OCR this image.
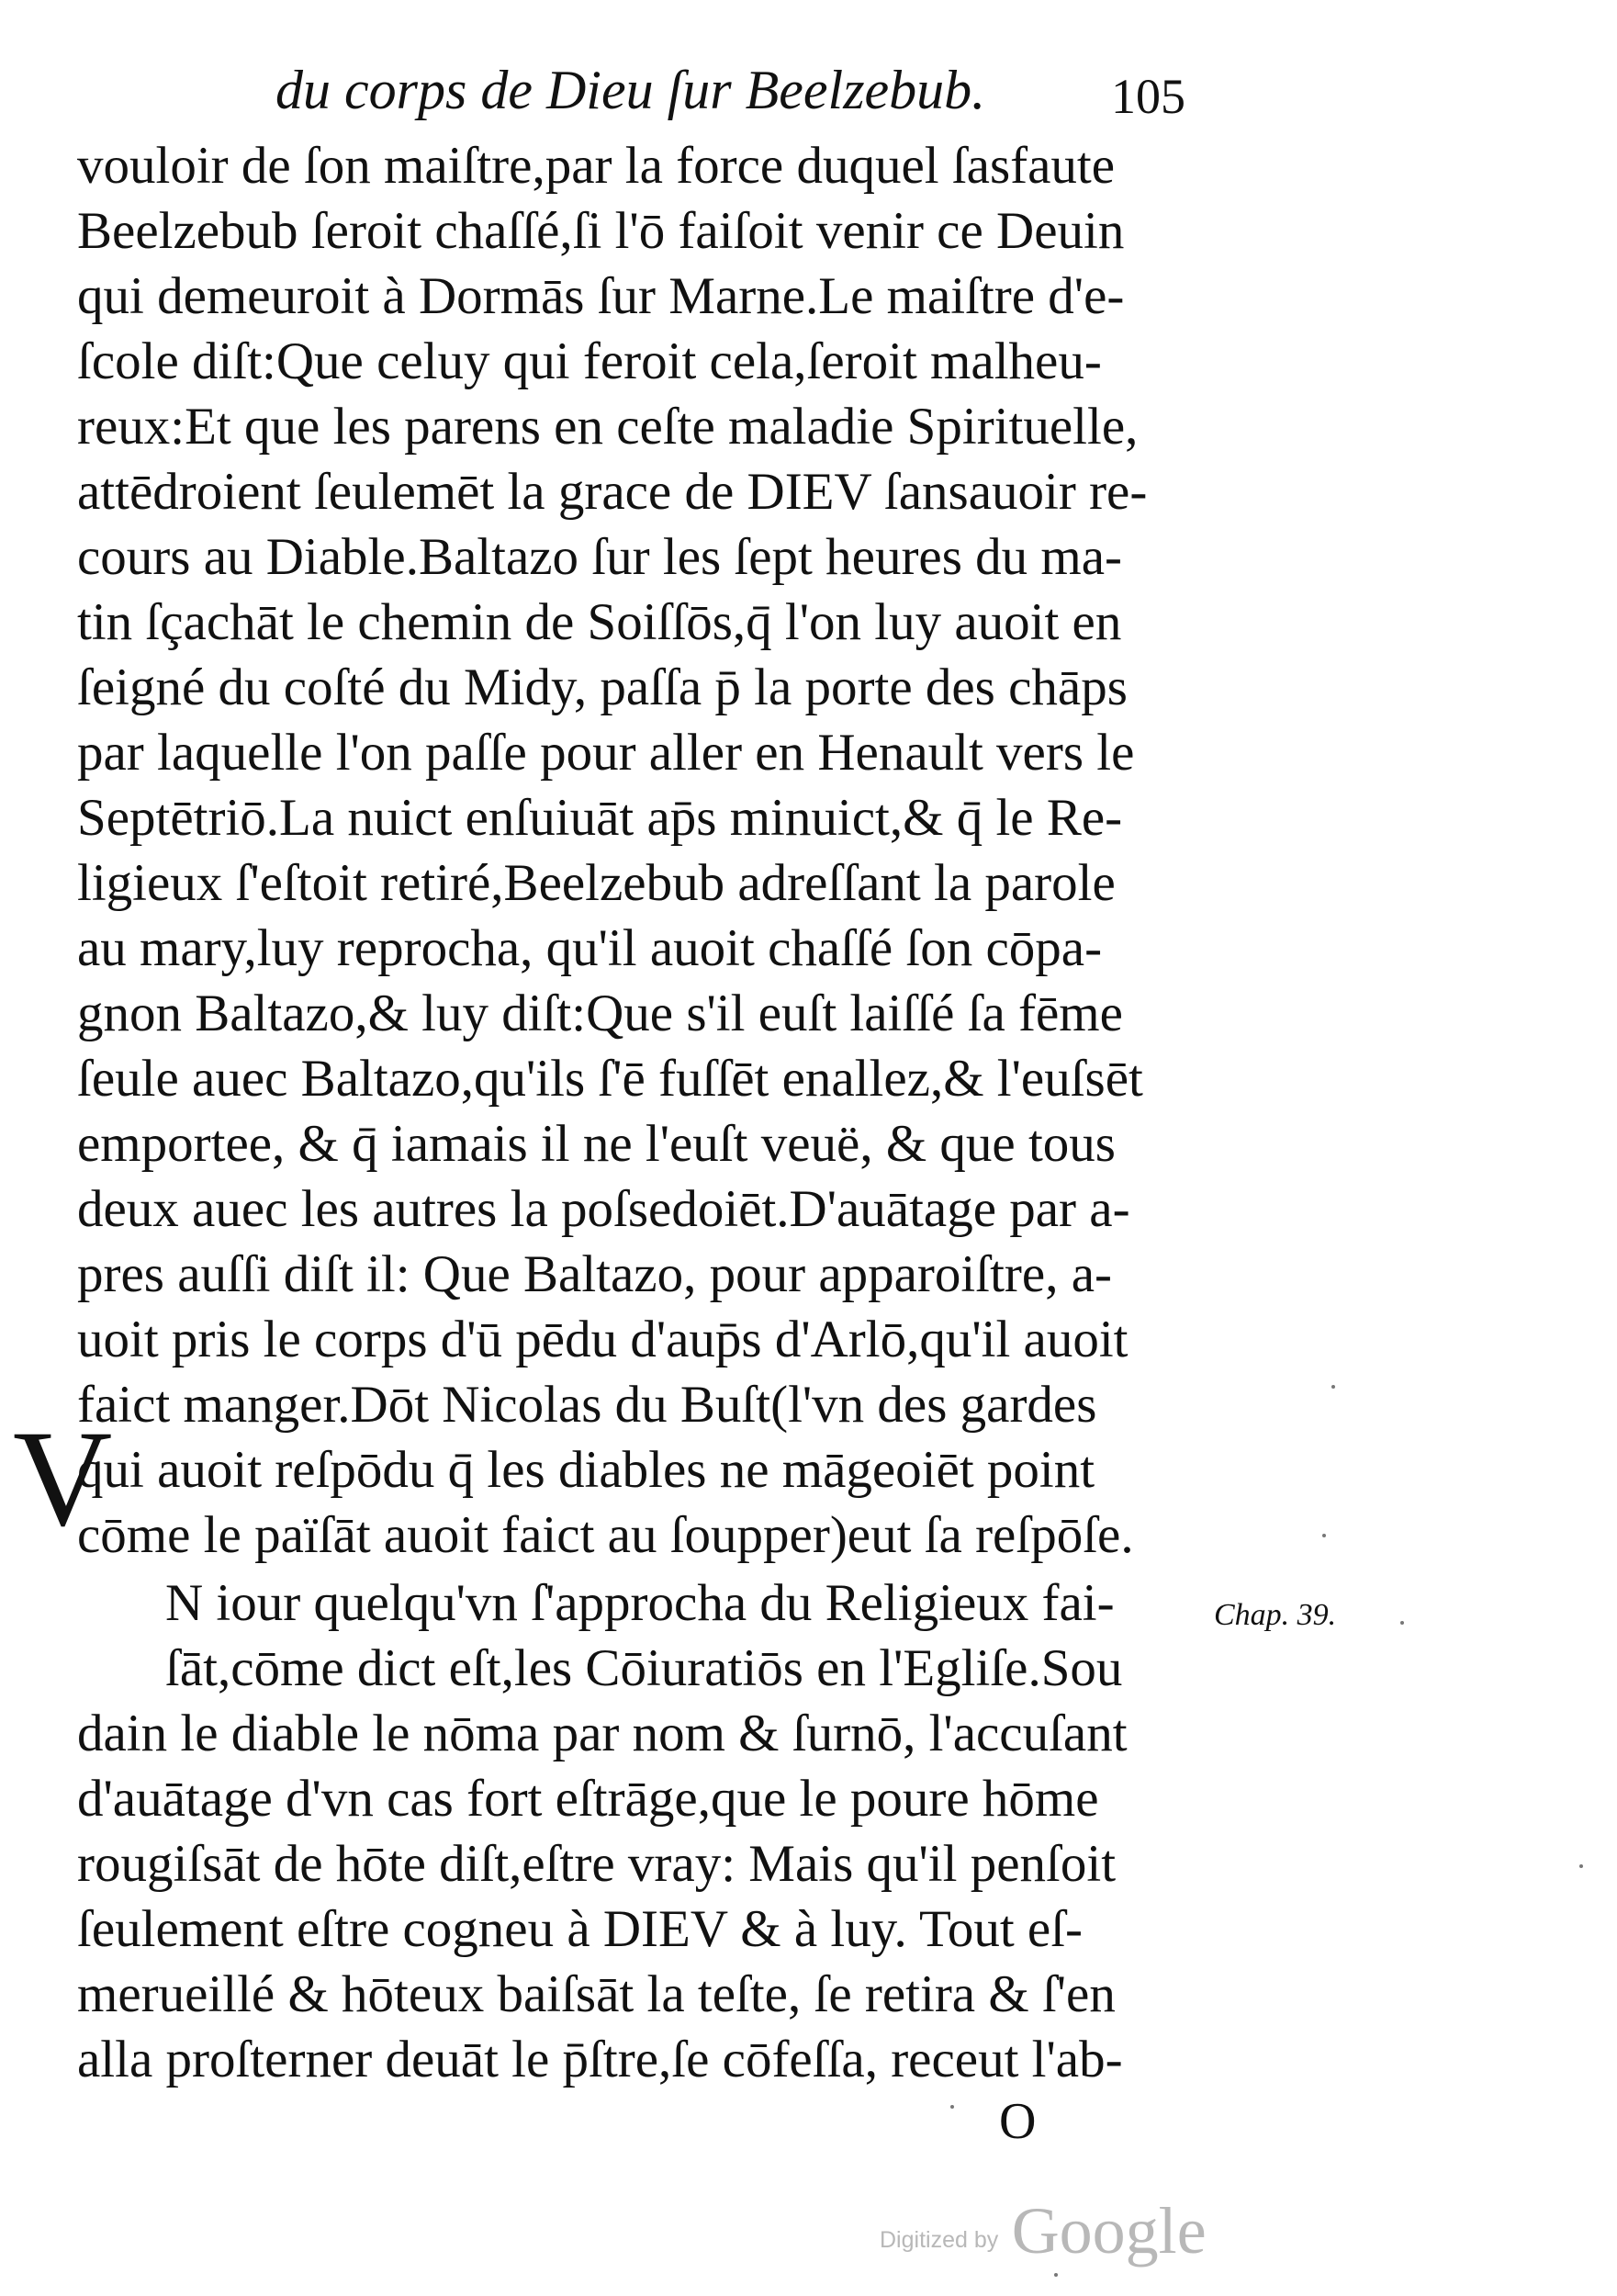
du corps de Dieu ſur Beelzebub.	105
vouloir de ſon maiſtre,par la force duquel ſasfaute
Beelzebub ſeroit chaſſé,ſi l'ō faiſoit venir ce Deuin
qui demeuroit à Dormās ſur Marne.Le maiſtre d'e-
ſcole diſt:Que celuy qui feroit cela,ſeroit malheu-
reux:Et que les parens en ceſte maladie Spirituelle,
attēdroient ſeulemēt la grace de DIEV ſansauoir re-
cours au Diable.Baltazo ſur les ſept heures du ma-
tin ſçachāt le chemin de Soiſſōs,q̄ l'on luy auoit en
ſeigné du coſté du Midy, paſſa p̄ la porte des chāps
par laquelle l'on paſſe pour aller en Henault vers le
Septētriō.La nuict enſuiuāt ap̄s minuict,& q̄ le Re-
ligieux ſ'eſtoit retiré,Beelzebub adreſſant la parole
au mary,luy reprocha, qu'il auoit chaſſé ſon cōpa-
gnon Baltazo,& luy diſt:Que s'il euſt laiſſé ſa fēme
ſeule auec Baltazo,qu'ils ſ'ē fuſſēt enallez,& l'euſsēt
emportee, & q̄ iamais il ne l'euſt veuë, & que tous
deux auec les autres la poſsedoiēt.D'auātage par a-
pres auſſi diſt il: Que Baltazo, pour apparoiſtre, a-
uoit pris le corps d'ū pēdu d'aup̄s d'Arlō,qu'il auoit
faict manger.Dōt Nicolas du Buſt(l'vn des gardes
qui auoit reſpōdu q̄ les diables ne māgeoiēt point
cōme le païſāt auoit faict au ſoupper)eut ſa reſpōſe.
N iour quelqu'vn ſ'approcha du Religieux fai-
ſāt,cōme dict eſt,les Cōiuratiōs en l'Egliſe.Sou
dain le diable le nōma par nom & ſurnō, l'accuſant
d'auātage d'vn cas fort eſtrāge,que le poure hōme
rougiſsāt de hōte diſt,eſtre vray: Mais qu'il penſoit
ſeulement eſtre cogneu à DIEV & à luy. Tout eſ-
merueillé & hōteux baiſsāt la teſte, ſe retira & ſ'en
alla proſterner deuāt le p̄ſtre,ſe cōfeſſa, receut l'ab-
V
Chap. 39.
O
Digitized by Google
